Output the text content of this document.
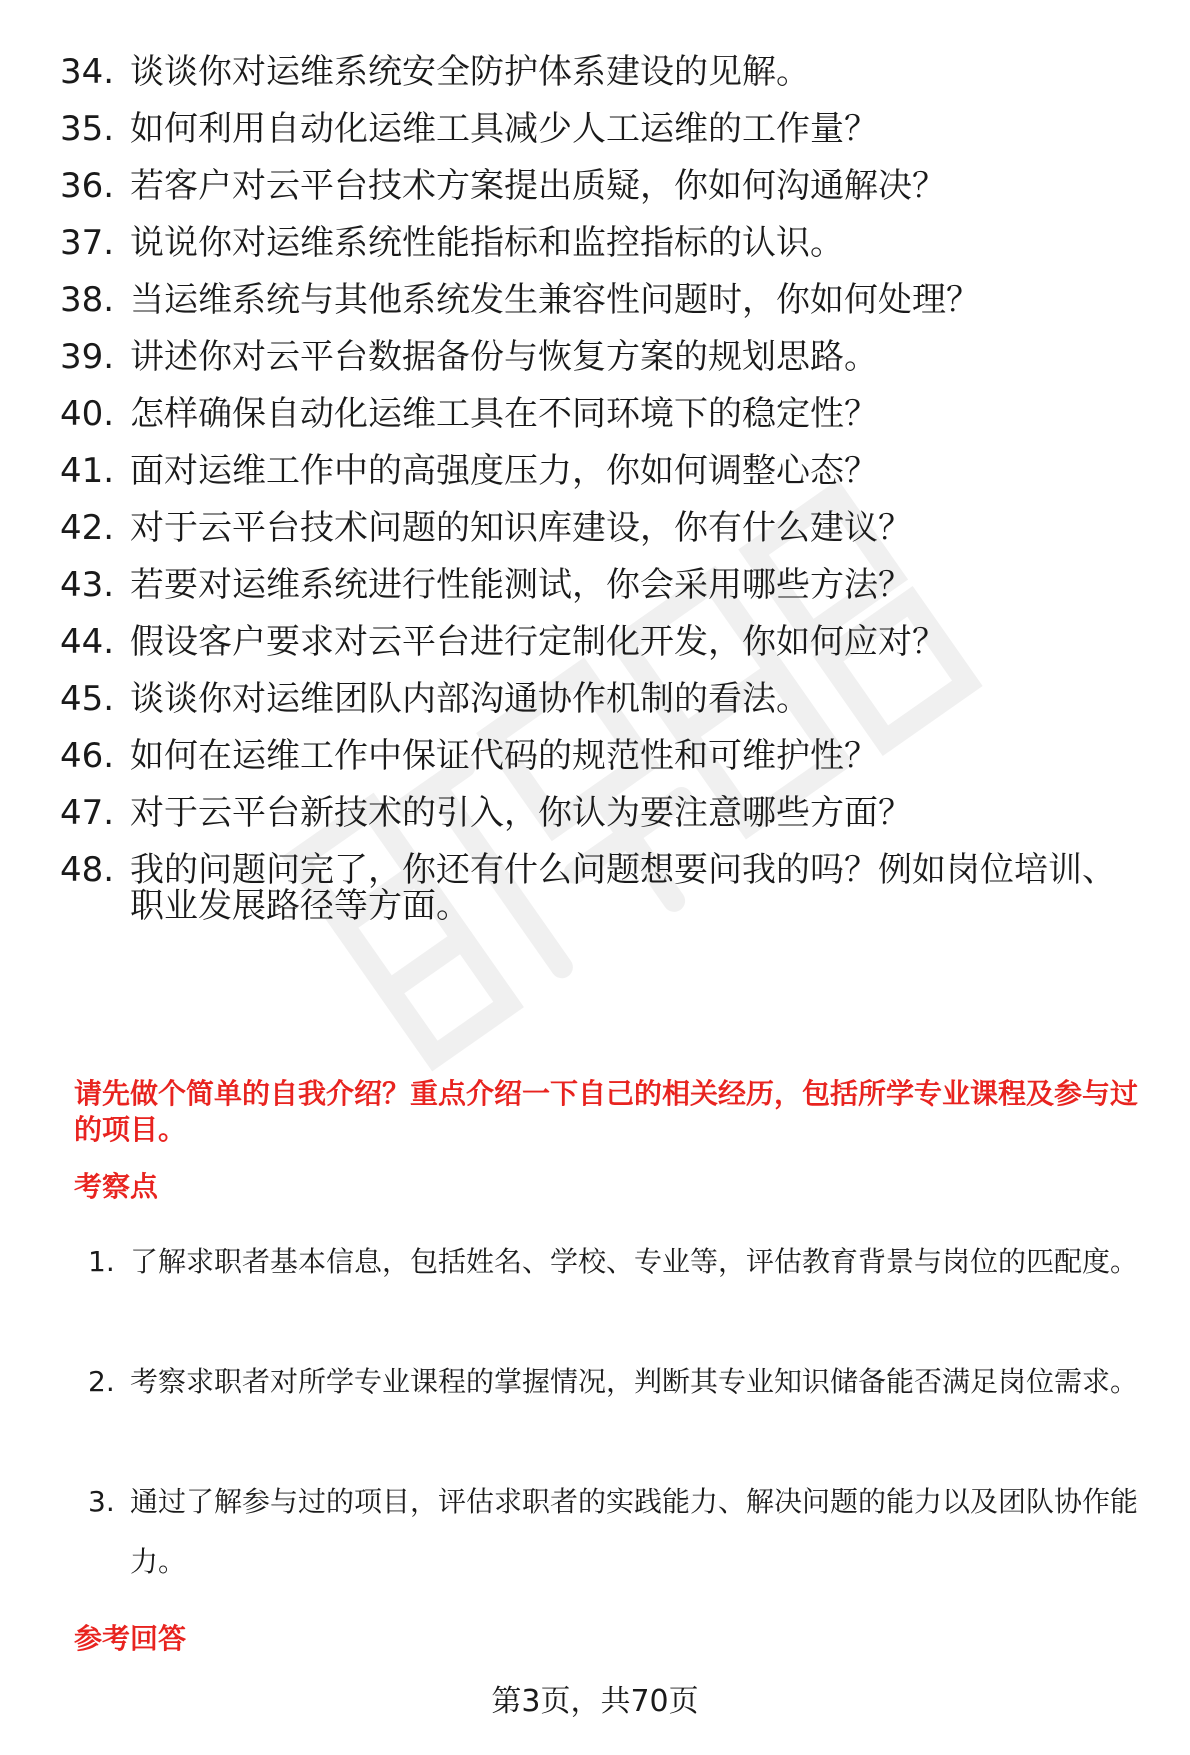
34. 谈谈你对运维系统安全防护体系建设的见解。
35. 如何利用自动化运维工具减少人工运维的工作量？
36. 若客户对云平台技术方案提出质疑，你如何沟通解决？
37. 说说你对运维系统性能指标和监控指标的认识。
38. 当运维系统与其他系统发生兼容性问题时，你如何处理？
39. 讲述你对云平台数据备份与恢复方案的规划思路。
40. 怎样确保自动化运维工具在不同环境下的稳定性？
41. 面对运维工作中的高强度压力，你如何调整心态？
42. 对于云平台技术问题的知识库建设，你有什么建议？
43. 若要对运维系统进行性能测试，你会采用哪些方法？
44. 假设客户要求对云平台进行定制化开发，你如何应对？
45. 谈谈你对运维团队内部沟通协作机制的看法。
46. 如何在运维工作中保证代码的规范性和可维护性？
47. 对于云平台新技术的引入，你认为要注意哪些方面？
48. 我的问题问完了，你还有什么问题想要问我的吗？例如岗位培训、职业发展路径等方面。
请先做个简单的自我介绍？重点介绍一下自己的相关经历，包括所学专业课程及参与过的项目。
考察点
1. 了解求职者基本信息，包括姓名、学校、专业等，评估教育背景与岗位的匹配度。
2. 考察求职者对所学专业课程的掌握情况，判断其专业知识储备能否满足岗位需求。
3. 通过了解参与过的项目，评估求职者的实践能力、解决问题的能力以及团队协作能力。
参考回答
第3页，共70页
